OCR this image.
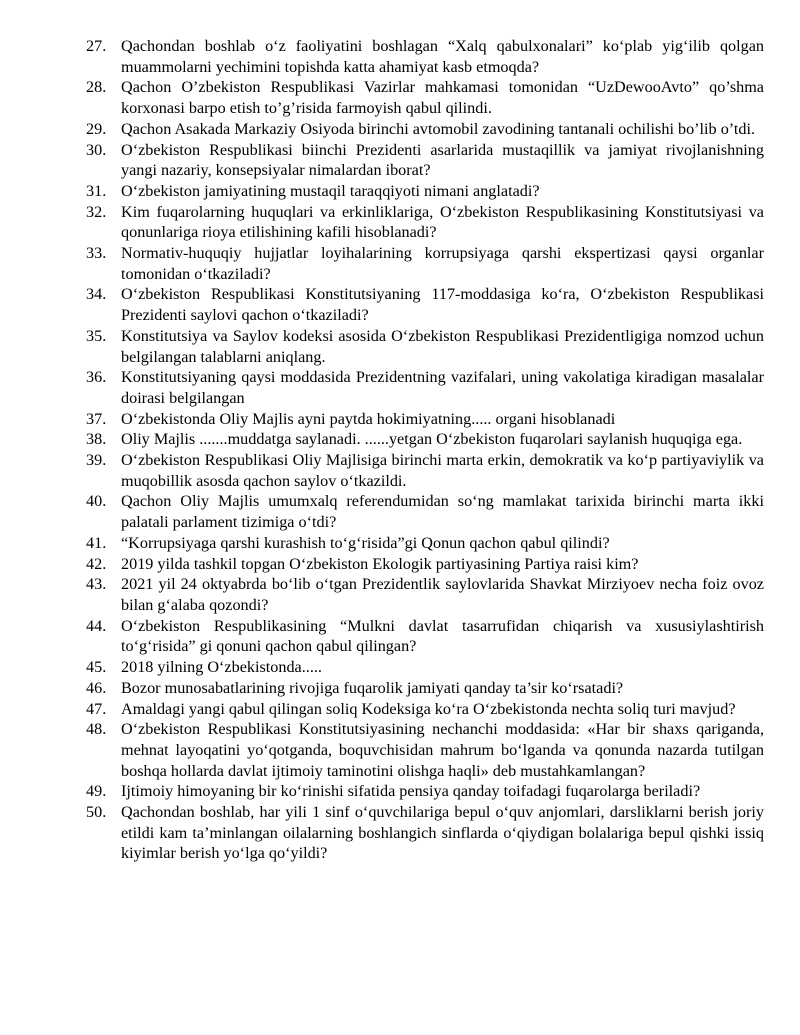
27. Qachondan boshlab o‘z faoliyatini boshlagan “Xalq qabulxonalari” ko‘plab yig‘ilib qolgan muammolarni yechimini topishda katta ahamiyat kasb etmoqda?
28. Qachon O’zbekiston Respublikasi Vazirlar mahkamasi tomonidan “UzDewooAvto” qo’shma korxonasi barpo etish to’g’risida farmoyish qabul qilindi.
29. Qachon Asakada Markaziy Osiyoda birinchi avtomobil zavodining tantanali ochilishi bo’lib o’tdi.
30. O‘zbekiston Respublikasi biinchi Prezidenti asarlarida mustaqillik va jamiyat rivojlanishning yangi nazariy, konsepsiyalar nimalardan iborat?
31. O‘zbekiston jamiyatining mustaqil taraqqiyoti nimani anglatadi?
32. Kim fuqarolarning huquqlari va erkinliklariga, O‘zbekiston Respublikasining Konstitutsiyasi va qonunlariga rioya etilishining kafili hisoblanadi?
33. Normativ-huquqiy hujjatlar loyihalarining korrupsiyaga qarshi ekspertizasi qaysi organlar tomonidan o‘tkaziladi?
34. O‘zbekiston Respublikasi Konstitutsiyaning 117-moddasiga ko‘ra, O‘zbekiston Respublikasi Prezidenti saylovi qachon o‘tkaziladi?
35. Konstitutsiya va Saylov kodeksi asosida O‘zbekiston Respublikasi Prezidentligiga nomzod uchun belgilangan talablarni aniqlang.
36. Konstitutsiyaning qaysi moddasida Prezidentning vazifalari, uning vakolatiga kiradigan masalalar doirasi belgilangan
37. O‘zbekistonda Oliy Majlis ayni paytda hokimiyatning..... organi hisoblanadi
38. Oliy Majlis .......muddatga saylanadi. ......yetgan O‘zbekiston fuqarolari saylanish huquqiga ega.
39. O‘zbekiston Respublikasi Oliy Majlisiga birinchi marta erkin, demokratik va ko‘p partiyaviylik va muqobillik asosda qachon saylov o‘tkazildi.
40. Qachon Oliy Majlis umumxalq referendumidan so‘ng mamlakat tarixida birinchi marta ikki palatali parlament tizimiga o‘tdi?
41. “Korrupsiyaga qarshi kurashish to‘g‘risida”gi Qonun qachon qabul qilindi?
42. 2019 yilda tashkil topgan O‘zbekiston Ekologik partiyasining Partiya raisi kim?
43. 2021 yil 24 oktyabrda bo‘lib o‘tgan Prezidentlik saylovlarida Shavkat Mirziyoev necha foiz ovoz bilan g‘alaba qozondi?
44. O‘zbekiston Respublikasining “Mulkni davlat tasarrufidan chiqarish va xususiylashtirish to‘g‘risida” gi qonuni qachon qabul qilingan?
45. 2018 yilning O‘zbekistonda.....
46. Bozor munosabatlarining rivojiga fuqarolik jamiyati qanday ta’sir ko‘rsatadi?
47. Amaldagi yangi qabul qilingan soliq Kodeksiga ko‘ra O‘zbekistonda nechta soliq turi mavjud?
48. O‘zbekiston Respublikasi Konstitutsiyasining nechanchi moddasida: «Har bir shaxs qariganda, mehnat layoqatini yo‘qotganda, boquvchisidan mahrum bo‘lganda va qonunda nazarda tutilgan boshqa hollarda davlat ijtimoiy taminotini olishga haqli» deb mustahkamlangan?
49. Ijtimoiy himoyaning bir ko‘rinishi sifatida pensiya qanday toifadagi fuqarolarga beriladi?
50. Qachondan boshlab, har yili 1 sinf o‘quvchilariga bepul o‘quv anjomlari, darsliklarni berish joriy etildi kam ta’minlangan oilalarning boshlangich sinflarda o‘qiydigan bolalariga bepul qishki issiq kiyimlar berish yo‘lga qo‘yildi?
